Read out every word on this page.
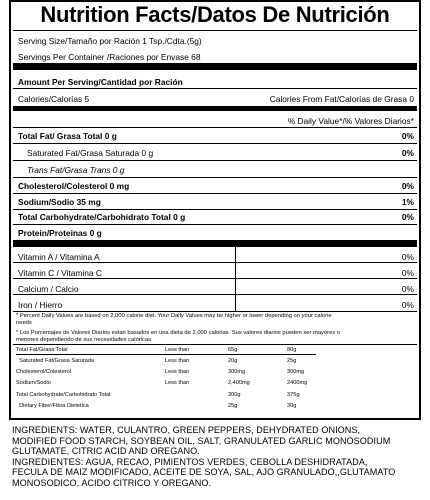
Nutrition Facts/Datos De Nutrición
Serving Size/Tamaño por Ración 1 Tsp./Cdta.(5g)
Servings Per Container /Raciones por Envase 68
Amount Per Serving/Cantidad por Ración
Calories/Calorías 5	Calories From Fat/Calorías de Grasa 0
% Daily Value*/% Valores Diarios*
Total Fat/ Grasa Total 0 g	0%
Saturated Fat/Grasa Saturada 0 g	0%
Trans Fat/Grasa Trans 0 g
Cholesterol/Colesterol 0 mg	0%
Sodium/Sodio 35 mg	1%
Total Carbohydrate/Carbohidrato Total 0 g	0%
Protein/Proteinas 0 g
Vitamin A / Vitamina A	0%
Vitamin C / Vitamina C	0%
Calcium / Calcio	0%
Iron / Hierro	0%
* Percent Daily Values are based on 2,000 calorie diet. Your Daily Values may be higher or lower depending on your calorie
needs
* Los Porcentajes de Valores Diarios estan basados en una dieta de 2,000 calorias. Sus valores diarios pueden ser mayores o
menores dependiendo de sus necesidades calóricas
Total Fat/Grasa Total	Less than	65g	80g
Saturated Fat/Grasa Saturada	Less than	20g	25g
Cholesterol/Colesterol	Less than	300mg	300mg
Sodium/Sodio	Less than	2,400mg	2400mg
Total Carbohydrate/Carbohidrato Total	300g	375g
Dietary Fiber/Fibra Dietetica	25g	30g
INGREDIENTS: WATER, CULANTRO, GREEN PEPPERS, DEHYDRATED ONIONS,
MODIFIED FOOD STARCH, SOYBEAN OIL, SALT, GRANULATED GARLIC MONOSODIUM
GLUTAMATE, CITRIC ACID AND OREGANO.
INGREDIENTES: AGUA, RECAO, PIMIENTOS VERDES, CEBOLLA DESHIDRATADA,
FECULA DE MAIZ MODIFICADO, ACEITE DE SOYA, SAL, AJO GRANULADO,,GLUTAMATO
MONOSODICO, ACIDO CITRICO Y OREGANO.
